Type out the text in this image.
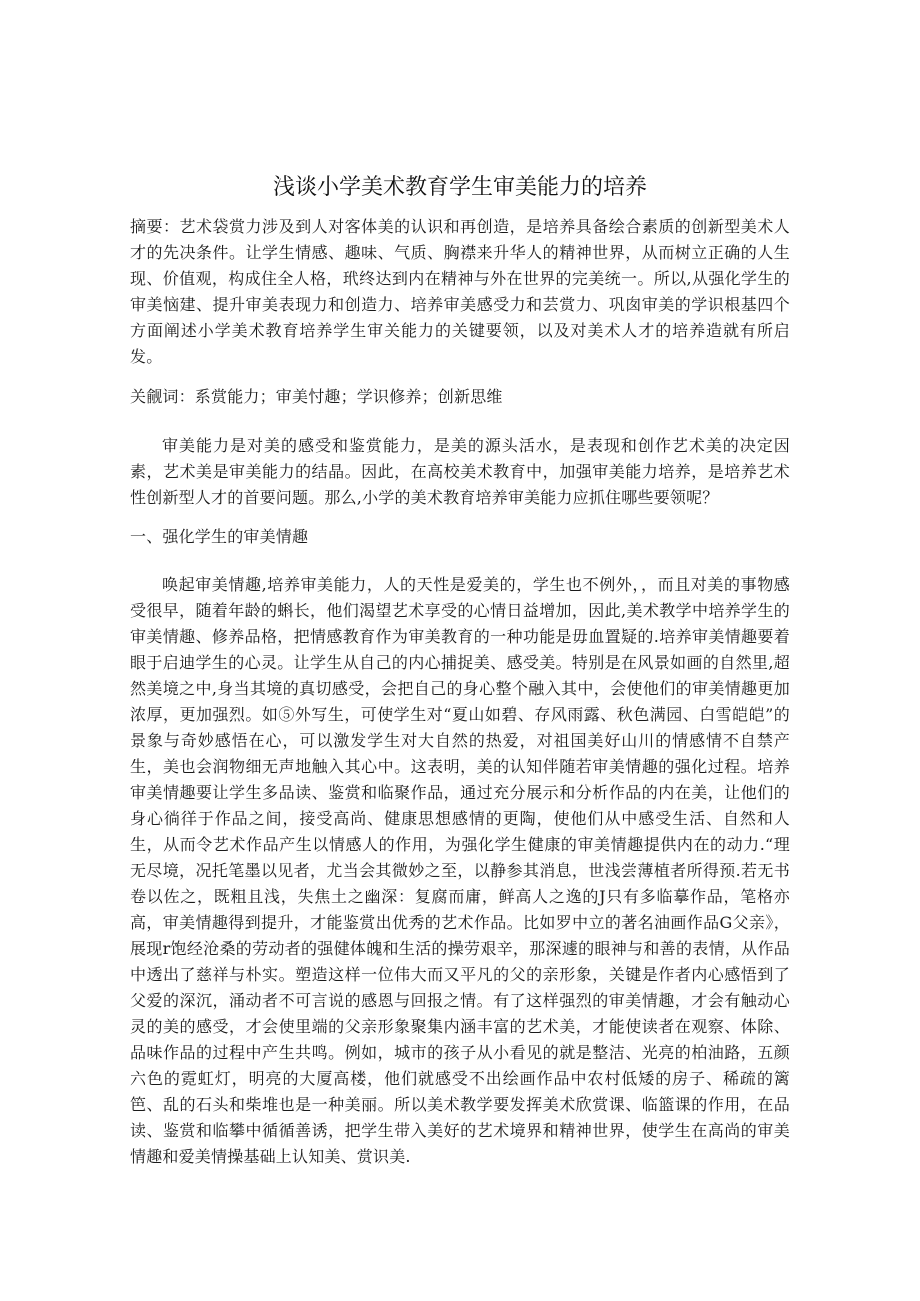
浅谈小学美术教育学生审美能力的培养

摘要：艺术袋赏力涉及到人对客体美的认识和再创造，是培养具备绘合素质的创新型美术人才的先决条件。让学生情感、趣味、气质、胸襟来升华人的精神世界，从而树立正确的人生现、价值观，构成住全人格，玳终达到内在精神与外在世界的完美统一。所以,从强化学生的审美恼建、提升审美表现力和创造力、培养审美感受力和芸赏力、巩囱审美的学识根基四个方面阐述小学美术教育培养学生审关能力的关键要领，以及对美术人才的培养造就有所启发。

关觎词：系赏能力；审美忖趣；学识修养；创新思维

审美能力是对美的感受和鉴赏能力，是美的源头活水，是表现和创作艺术美的决定因素，艺术美是审美能力的结晶。因此，在高校美术教育中，加强审美能力培养，是培养艺术性创新型人才的首要问题。那么,小学的美术教育培养审美能力应抓住哪些要领呢？

一、强化学生的审美情趣

唤起审美情趣,培养审美能力，人的天性是爱美的，学生也不例外，，而且对美的事物感受很早，随着年龄的蝌长，他们渴望艺术享受的心情日益增加，因此,美术教学中培养学生的审美情趣、修养品格，把情感教育作为审美教育的一种功能是毋血置疑的.培养审美情趣要着眼于启迪学生的心灵。让学生从自己的内心捕捉美、感受美。特别是在风景如画的自然里,超然美境之中,身当其境的真切感受，会把自己的身心整个融入其中，会使他们的审美情趣更加浓厚，更加强烈。如⑤外写生，可使学生对“夏山如碧、存风雨露、秋色满园、白雪皑皑”的景象与奇妙感悟在心，可以激发学生对大自然的热爱，对祖国美好山川的情感情不自禁产生，美也会润物细无声地触入其心中。这表明，美的认知伴随若审美情趣的强化过程。培养审美情趣要让学生多品读、鉴赏和临聚作品，通过充分展示和分析作品的内在美，让他们的身心徜徉于作品之间，接受高尚、健康思想感情的更陶，使他们从中感受生活、自然和人生，从而令艺术作品产生以情感人的作用，为强化学生健康的审美情趣提供内在的动力.“理无尽境，况托笔墨以见者，尤当会其微妙之至，以静参其消息，世浅尝薄植者所得预.若无书卷以佐之，既粗且浅，失焦土之幽深：复腐而庸，鲜高人之逸的J只有多临摹作品，笔格亦高，审美情趣得到提升，才能鉴赏出优秀的艺术作品。比如罗中立的著名油画作品G父亲》，展现r饱经沧桑的劳动者的强健体魄和生活的操劳艰辛，那深遽的眼神与和善的表情，从作品中透出了慈祥与朴实。塑造这样一位伟大而又平凡的父的亲形象，关键是作者内心感悟到了父爱的深沉，涌动者不可言说的感恩与回报之情。有了这样强烈的审美情趣，才会有触动心灵的美的感受，才会使里端的父亲形象聚集内涵丰富的艺术美，才能使读者在观察、体除、品味作品的过程中产生共鸣。例如，城市的孩子从小看见的就是整洁、光亮的柏油路，五颜六色的霓虹灯，明亮的大厦高楼，他们就感受不出绘画作品中农村低矮的房子、稀疏的篱笆、乱的石头和柴堆也是一种美丽。所以美术教学要发挥美术欣赏课、临篮课的作用，在品读、鉴赏和临攀中循循善诱，把学生带入美好的艺术境界和精神世界，使学生在高尚的审美情趣和爱美情操基础上认知美、赏识美.
